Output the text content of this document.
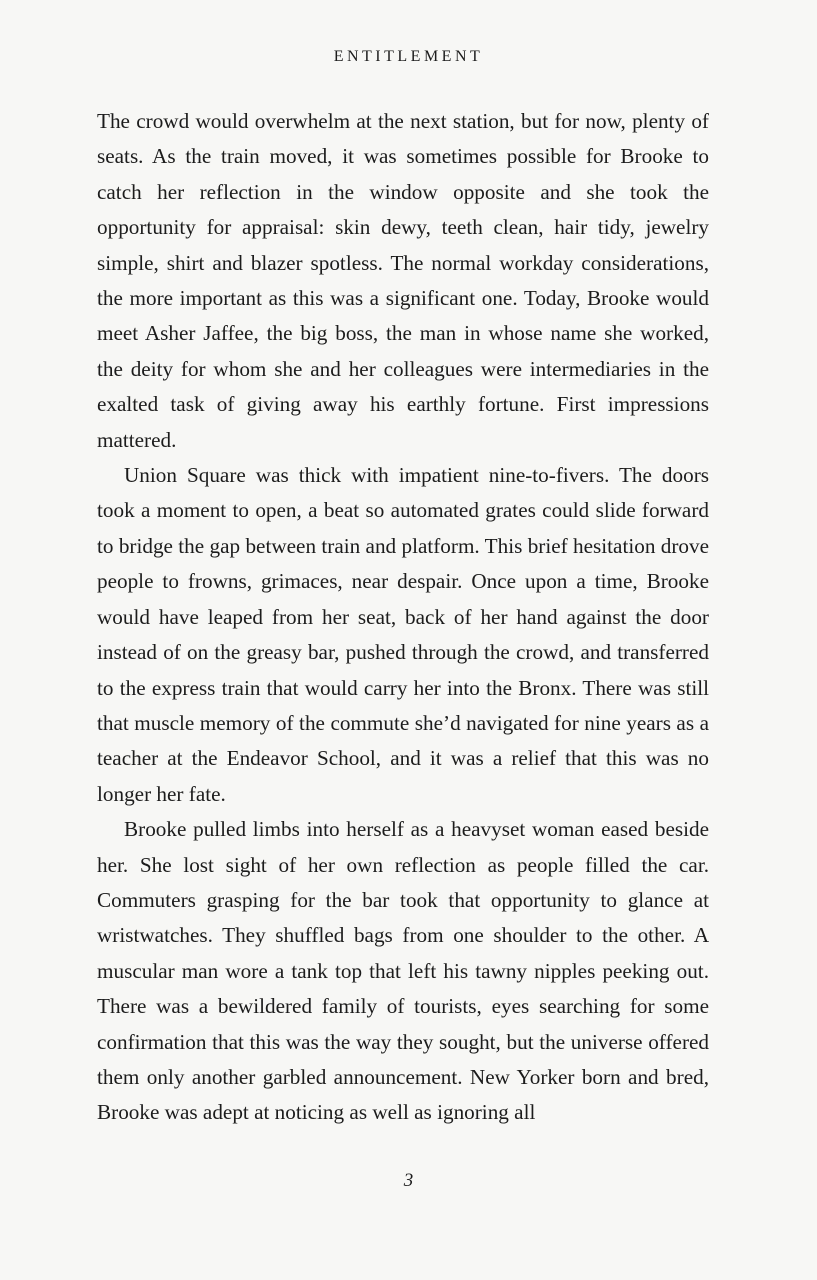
ENTITLEMENT

The crowd would overwhelm at the next station, but for now, plenty of seats. As the train moved, it was sometimes possible for Brooke to catch her reflection in the window opposite and she took the opportunity for appraisal: skin dewy, teeth clean, hair tidy, jewelry simple, shirt and blazer spotless. The normal workday considerations, the more important as this was a significant one. Today, Brooke would meet Asher Jaffee, the big boss, the man in whose name she worked, the deity for whom she and her colleagues were intermediaries in the exalted task of giving away his earthly fortune. First impressions mattered.

Union Square was thick with impatient nine-to-fivers. The doors took a moment to open, a beat so automated grates could slide forward to bridge the gap between train and platform. This brief hesitation drove people to frowns, grimaces, near despair. Once upon a time, Brooke would have leaped from her seat, back of her hand against the door instead of on the greasy bar, pushed through the crowd, and transferred to the express train that would carry her into the Bronx. There was still that muscle memory of the commute she’d navigated for nine years as a teacher at the Endeavor School, and it was a relief that this was no longer her fate.

Brooke pulled limbs into herself as a heavyset woman eased beside her. She lost sight of her own reflection as people filled the car. Commuters grasping for the bar took that opportunity to glance at wristwatches. They shuffled bags from one shoulder to the other. A muscular man wore a tank top that left his tawny nipples peeking out. There was a bewildered family of tourists, eyes searching for some confirmation that this was the way they sought, but the universe offered them only another garbled announcement. New Yorker born and bred, Brooke was adept at noticing as well as ignoring all

3
